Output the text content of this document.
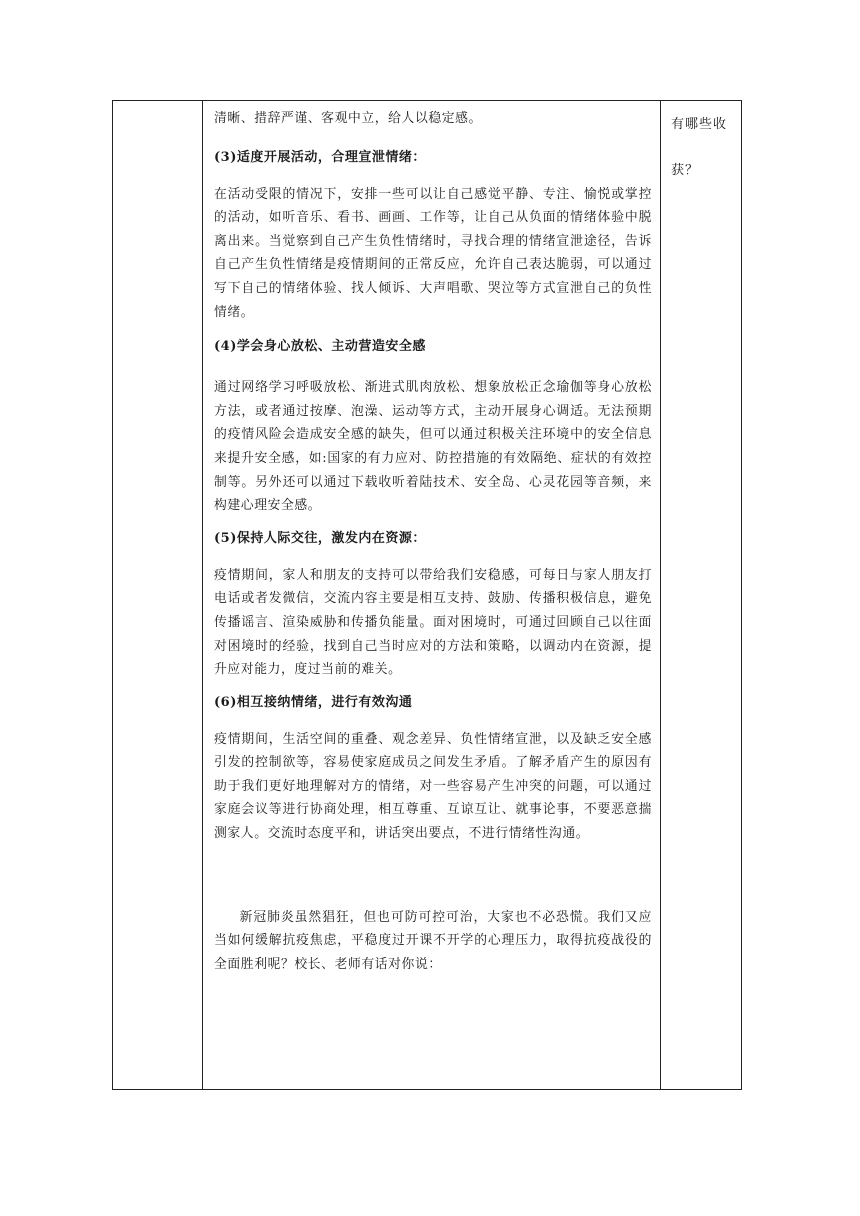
清晰、措辞严谨、客观中立，给人以稳定感。

(3)适度开展活动，合理宣泄情绪：

在活动受限的情况下，安排一些可以让自己感觉平静、专注、愉悦或掌控的活动，如听音乐、看书、画画、工作等，让自己从负面的情绪体验中脱离出来。当觉察到自己产生负性情绪时，寻找合理的情绪宣泄途径，告诉自己产生负性情绪是疫情期间的正常反应，允许自己表达脆弱，可以通过写下自己的情绪体验、找人倾诉、大声唱歌、哭泣等方式宣泄自己的负性情绪。

(4)学会身心放松、主动营造安全感

通过网络学习呼吸放松、渐进式肌肉放松、想象放松正念瑜伽等身心放松方法，或者通过按摩、泡澡、运动等方式，主动开展身心调适。无法预期的疫情风险会造成安全感的缺失，但可以通过积极关注环境中的安全信息来提升安全感，如:国家的有力应对、防控措施的有效隔绝、症状的有效控制等。另外还可以通过下载收听着陆技术、安全岛、心灵花园等音频，来构建心理安全感。

(5)保持人际交往，激发内在资源：

疫情期间，家人和朋友的支持可以带给我们安稳感，可每日与家人朋友打电话或者发微信，交流内容主要是相互支持、鼓励、传播积极信息，避免传播谣言、渲染威胁和传播负能量。面对困境时，可通过回顾自己以往面对困境时的经验，找到自己当时应对的方法和策略，以调动内在资源，提升应对能力，度过当前的难关。

(6)相互接纳情绪，进行有效沟通

疫情期间，生活空间的重叠、观念差异、负性情绪宣泄，以及缺乏安全感引发的控制欲等，容易使家庭成员之间发生矛盾。了解矛盾产生的原因有助于我们更好地理解对方的情绪，对一些容易产生冲突的问题，可以通过家庭会议等进行协商处理，相互尊重、互谅互让、就事论事，不要恶意揣测家人。交流时态度平和，讲话突出要点，不进行情绪性沟通。

新冠肺炎虽然猖狂，但也可防可控可治，大家也不必恐慌。我们又应当如何缓解抗疫焦虑，平稳度过开课不开学的心理压力，取得抗疫战役的全面胜利呢？校长、老师有话对你说：

有哪些收

获？
